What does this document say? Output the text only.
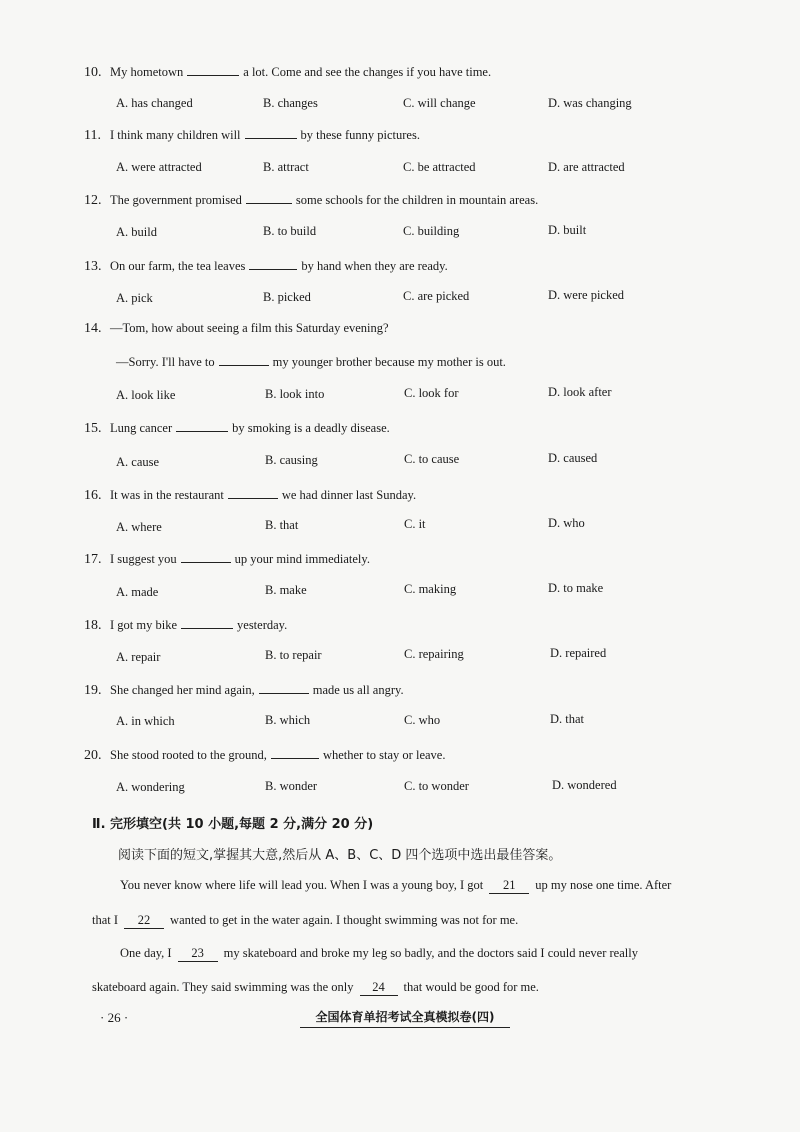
10. My hometown	a lot. Come and see the changes if you have time.
A. has changed	B. changes	C. will change	D. was changing
11. I think many children will	by these funny pictures.
A. were attracted	B. attract	C. be attracted	D. are attracted
12. The government promised	some schools for the children in mountain areas.
A. build	B. to build	C. building	D. built
13. On our farm, the tea leaves	by hand when they are ready.
A. pick	B. picked	C. are picked	D. were picked
14. —Tom, how about seeing a film this Saturday evening?
—Sorry. I'll have to	my younger brother because my mother is out.
A. look like	B. look into	C. look for	D. look after
15. Lung cancer	by smoking is a deadly disease.
A. cause	B. causing	C. to cause	D. caused
16. It was in the restaurant	we had dinner last Sunday.
A. where	B. that	C. it	D. who
17. I suggest you	up your mind immediately.
A. made	B. make	C. making	D. to make
18. I got my bike	yesterday.
A. repair	B. to repair	C. repairing	D. repaired
19. She changed her mind again,	made us all angry.
A. in which	B. which	C. who	D. that
20. She stood rooted to the ground,	whether to stay or leave.
A. wondering	B. wonder	C. to wonder	D. wondered
Ⅱ. 完形填空(共 10 小题,每题 2 分,满分 20 分)
阅读下面的短文,掌握其大意,然后从 A、B、C、D 四个选项中选出最佳答案。
You never know where life will lead you. When I was a young boy, I got 21 up my nose one time. After
that I 22 wanted to get in the water again. I thought swimming was not for me.
One day, I 23 my skateboard and broke my leg so badly, and the doctors said I could never really
skateboard again. They said swimming was the only 24 that would be good for me.
· 26 ·	全国体育单招考试全真模拟卷(四)
